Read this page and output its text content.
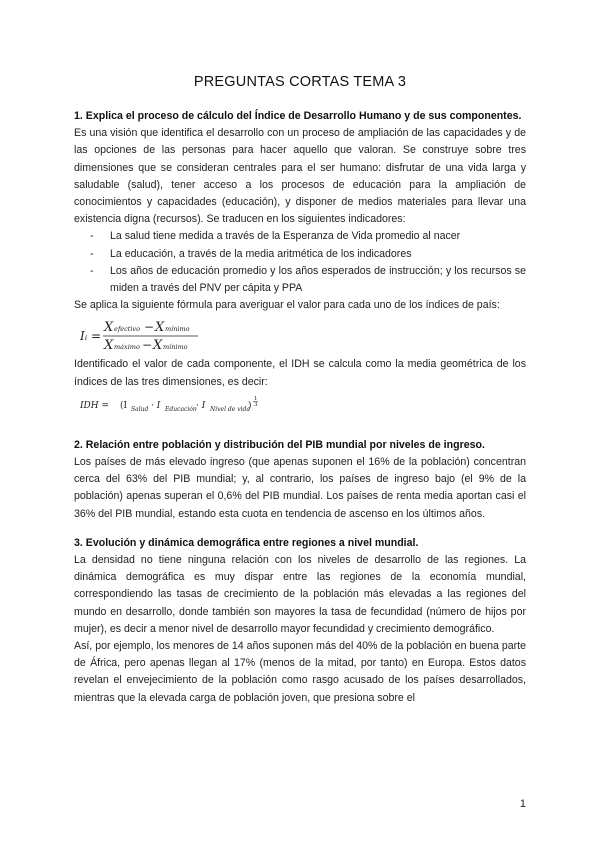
PREGUNTAS CORTAS TEMA 3

1. Explica el proceso de cálculo del Índice de Desarrollo Humano y de sus componentes.

Es una visión que identifica el desarrollo con un proceso de ampliación de las capacidades y de las opciones de las personas para hacer aquello que valoran. Se construye sobre tres dimensiones que se consideran centrales para el ser humano: disfrutar de una vida larga y saludable (salud), tener acceso a los procesos de educación para la ampliación de conocimientos y capacidades (educación), y disponer de medios materiales para llevar una existencia digna (recursos). Se traducen en los siguientes indicadores:

- La salud tiene medida a través de la Esperanza de Vida promedio al nacer
- La educación, a través de la media aritmética de los indicadores
- Los años de educación promedio y los años esperados de instrucción; y los recursos se miden a través del PNV per cápita y PPA

Se aplica la siguiente fórmula para averiguar el valor para cada uno de los índices de país:

Iᵢ =
X efectivo − X mínimo
X máximo − X mínimo

Identificado el valor de cada componente, el IDH se calcula como la media geométrica de los índices de las tres dimensiones, es decir:

IDH = (I Salud · I Educación · I Nivel de vida
)
1
3

2. Relación entre población y distribución del PIB mundial por niveles de ingreso.

Los países de más elevado ingreso (que apenas suponen el 16% de la población) concentran cerca del 63% del PIB mundial; y, al contrario, los países de ingreso bajo (el 9% de la población) apenas superan el 0,6% del PIB mundial. Los países de renta media aportan casi el 36% del PIB mundial, estando esta cuota en tendencia de ascenso en los últimos años.

3. Evolución y dinámica demográfica entre regiones a nivel mundial.

La densidad no tiene ninguna relación con los niveles de desarrollo de las regiones. La dinámica demográfica es muy dispar entre las regiones de la economía mundial, correspondiendo las tasas de crecimiento de la población más elevadas a las regiones del mundo en desarrollo, donde también son mayores la tasa de fecundidad (número de hijos por mujer), es decir a menor nivel de desarrollo mayor fecundidad y crecimiento demográfico.

Así, por ejemplo, los menores de 14 años suponen más del 40% de la población en buena parte de África, pero apenas llegan al 17% (menos de la mitad, por tanto) en Europa. Estos datos revelan el envejecimiento de la población como rasgo acusado de los países desarrollados, mientras que la elevada carga de población joven, que presiona sobre el

1
